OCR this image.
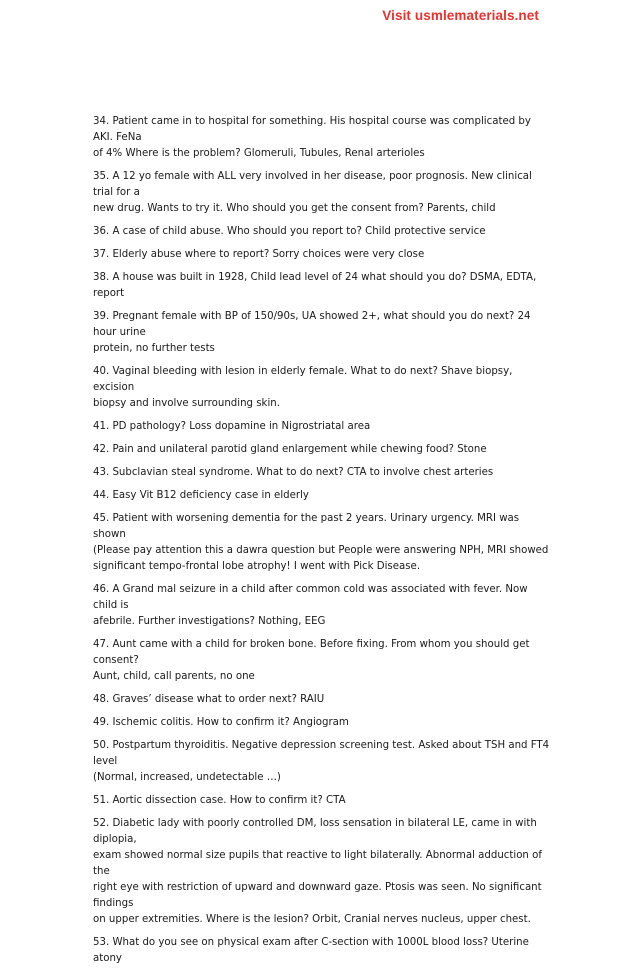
Visit usmlematerials.net

34. Patient came in to hospital for something. His hospital course was complicated by AKI. FeNa
of 4% Where is the problem? Glomeruli, Tubules, Renal arterioles

35. A 12 yo female with ALL very involved in her disease, poor prognosis. New clinical trial for a
new drug. Wants to try it. Who should you get the consent from? Parents, child

36. A case of child abuse. Who should you report to? Child protective service

37. Elderly abuse where to report? Sorry choices were very close

38. A house was built in 1928, Child lead level of 24 what should you do? DSMA, EDTA, report

39. Pregnant female with BP of 150/90s, UA showed 2+, what should you do next? 24 hour urine
protein, no further tests

40. Vaginal bleeding with lesion in elderly female. What to do next? Shave biopsy, excision
biopsy and involve surrounding skin.

41. PD pathology? Loss dopamine in Nigrostriatal area

42. Pain and unilateral parotid gland enlargement while chewing food? Stone

43. Subclavian steal syndrome. What to do next? CTA to involve chest arteries

44. Easy Vit B12 deficiency case in elderly

45. Patient with worsening dementia for the past 2 years. Urinary urgency. MRI was shown
(Please pay attention this a dawra question but People were answering NPH, MRI showed
significant tempo-frontal lobe atrophy! I went with Pick Disease.

46. A Grand mal seizure in a child after common cold was associated with fever. Now child is
afebrile. Further investigations? Nothing, EEG

47. Aunt came with a child for broken bone. Before fixing. From whom you should get consent?
Aunt, child, call parents, no one

48. Graves’ disease what to order next? RAIU

49. Ischemic colitis. How to confirm it? Angiogram

50. Postpartum thyroiditis. Negative depression screening test. Asked about TSH and FT4 level
(Normal, increased, undetectable …)

51. Aortic dissection case. How to confirm it? CTA

52. Diabetic lady with poorly controlled DM, loss sensation in bilateral LE, came in with diplopia,
exam showed normal size pupils that reactive to light bilaterally. Abnormal adduction of the
right eye with restriction of upward and downward gaze. Ptosis was seen. No significant findings
on upper extremities. Where is the lesion? Orbit, Cranial nerves nucleus, upper chest.

53. What do you see on physical exam after C-section with 1000L blood loss? Uterine atony
